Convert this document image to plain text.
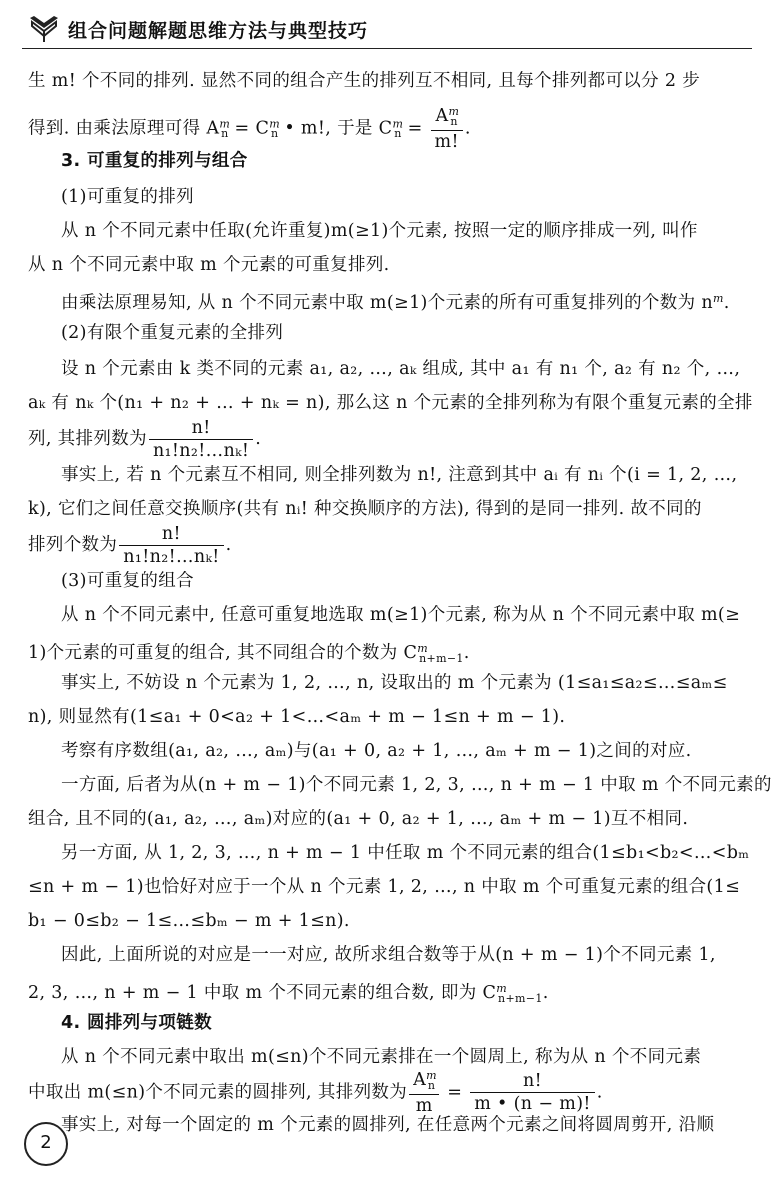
组合问题解题思维方法与典型技巧
生 m! 个不同的排列. 显然不同的组合产生的排列互不相同, 且每个排列都可以分 2 步
得到. 由乘法原理可得 $A^m_n = C^m_n$ • m!, 于是 $C^m_n = \frac{A^m_n}{m!}$ .
3. 可重复的排列与组合
(1)可重复的排列
从 n 个不同元素中任取(允许重复)m(≥1)个元素, 按照一定的顺序排成一列, 叫作
从 n 个不同元素中取 m 个元素的可重复排列.
由乘法原理易知, 从 n 个不同元素中取 m(≥1)个元素的所有可重复排列的个数为 $n^m$.
(2)有限个重复元素的全排列
设 n 个元素由 k 类不同的元素 a₁, a₂, …, aₖ 组成, 其中 a₁ 有 n₁ 个, a₂ 有 n₂ 个, …,
aₖ 有 nₖ 个(n₁ + n₂ + … + nₖ = n), 那么这 n 个元素的全排列称为有限个重复元素的全排
列, 其排列数为 $\frac{n!}{\text{n₁!n₂!…nₖ!}}$ .
事实上, 若 n 个元素互不相同, 则全排列数为 n!, 注意到其中 aᵢ 有 nᵢ 个(i = 1, 2, …,
k), 它们之间任意交换顺序(共有 nᵢ! 种交换顺序的方法), 得到的是同一排列. 故不同的
排列个数为 $\frac{n!}{\text{n₁!n₂!…nₖ!}}$ .
(3)可重复的组合
从 n 个不同元素中, 任意可重复地选取 m(≥1)个元素, 称为从 n 个不同元素中取 m(≥
1)个元素的可重复的组合, 其不同组合的个数为 $C^m_{n+m-1}$.
事实上, 不妨设 n 个元素为 1, 2, …, n, 设取出的 m 个元素为 (1≤a₁≤a₂≤…≤aₘ≤
n), 则显然有(1≤a₁ + 0<a₂ + 1<…<aₘ + m − 1≤n + m − 1).
考察有序数组(a₁, a₂, …, aₘ)与(a₁ + 0, a₂ + 1, …, aₘ + m − 1)之间的对应.
一方面, 后者为从(n + m − 1)个不同元素 1, 2, 3, …, n + m − 1 中取 m 个不同元素的
组合, 且不同的(a₁, a₂, …, aₘ)对应的(a₁ + 0, a₂ + 1, …, aₘ + m − 1)互不相同.
另一方面, 从 1, 2, 3, …, n + m − 1 中任取 m 个不同元素的组合(1≤b₁<b₂<…<bₘ
≤n + m − 1)也恰好对应于一个从 n 个元素 1, 2, …, n 中取 m 个可重复元素的组合(1≤
b₁ − 0≤b₂ − 1≤…≤bₘ − m + 1≤n).
因此, 上面所说的对应是一一对应, 故所求组合数等于从(n + m − 1)个不同元素 1,
2, 3, …, n + m − 1 中取 m 个不同元素的组合数, 即为 $C^m_{n+m-1}$.
4. 圆排列与项链数
从 n 个不同元素中取出 m(≤n)个不同元素排在一个圆周上, 称为从 n 个不同元素
中取出 m(≤n)个不同元素的圆排列, 其排列数为 $\frac{A^m_n}{m} = \frac{n!}{m • (n - m)!}$ .
事实上, 对每一个固定的 m 个元素的圆排列, 在任意两个元素之间将圆周剪开, 沿顺
2
